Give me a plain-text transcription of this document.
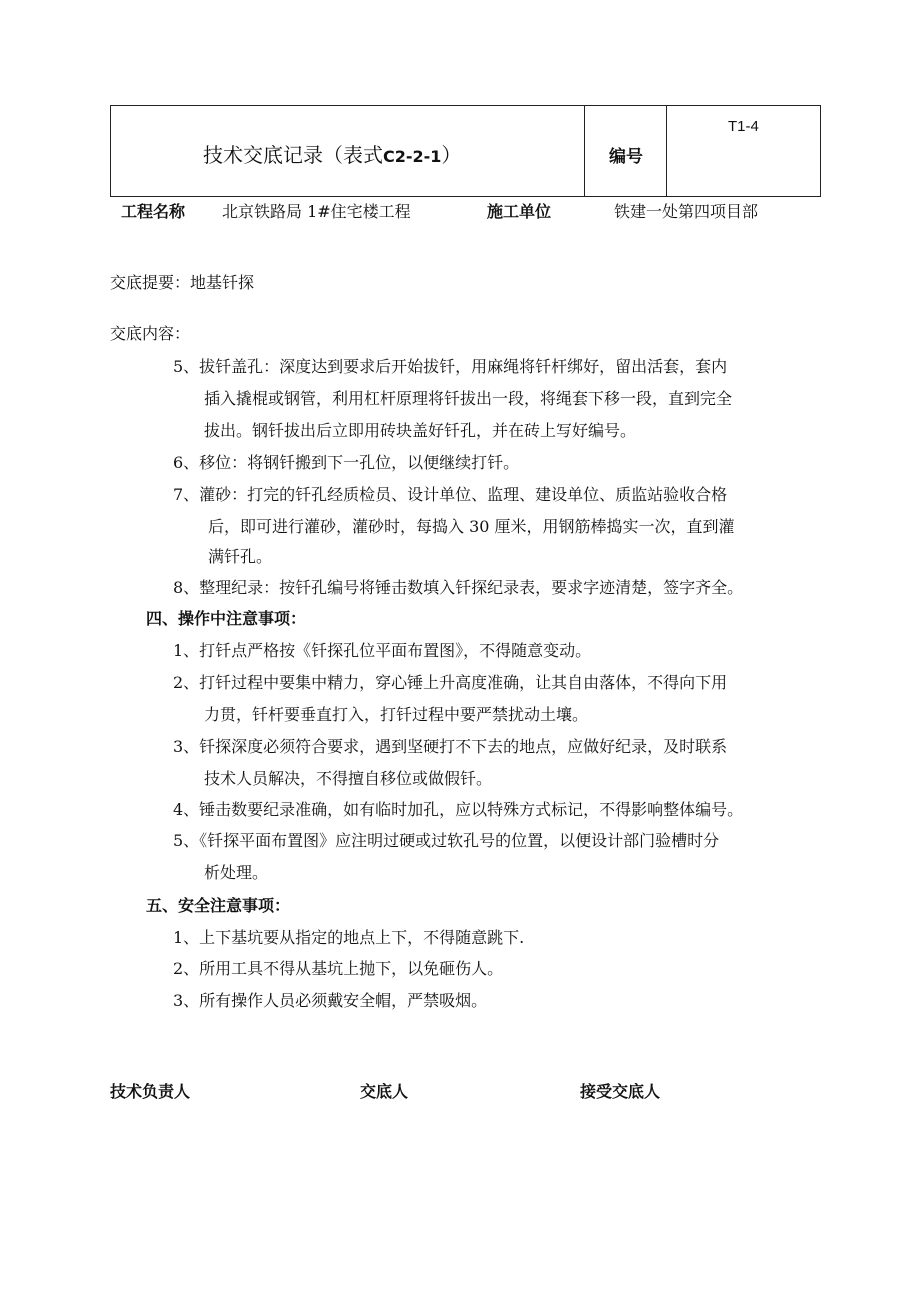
技术交底记录（表式C2-2-1）	编号
T1-4
工程名称 北京铁路局 1#住宅楼工程	施工单位	铁建一处第四项目部
交底提要：地基钎探
交底内容：
5、拔钎盖孔：深度达到要求后开始拔钎，用麻绳将钎杆绑好，留出活套，套内
插入撬棍或钢管，利用杠杆原理将钎拔出一段，将绳套下移一段，直到完全
拔出。钢钎拔出后立即用砖块盖好钎孔，并在砖上写好编号。
6、移位：将钢钎搬到下一孔位，以便继续打钎。
7、灌砂：打完的钎孔经质检员、设计单位、监理、建设单位、质监站验收合格
后，即可进行灌砂，灌砂时，每捣入 30 厘米，用钢筋棒捣实一次，直到灌
满钎孔。
8、整理纪录：按钎孔编号将锤击数填入钎探纪录表，要求字迹清楚，签字齐全。
四、操作中注意事项：
1、打钎点严格按《钎探孔位平面布置图》，不得随意变动。
2、打钎过程中要集中精力，穿心锤上升高度准确，让其自由落体，不得向下用
力贯，钎杆要垂直打入，打钎过程中要严禁扰动土壤。
3、钎探深度必须符合要求，遇到坚硬打不下去的地点，应做好纪录，及时联系
技术人员解决，不得擅自移位或做假钎。
4、锤击数要纪录准确，如有临时加孔，应以特殊方式标记，不得影响整体编号。
5、《钎探平面布置图》应注明过硬或过软孔号的位置，以便设计部门验槽时分
析处理。
五、安全注意事项：
1、上下基坑要从指定的地点上下，不得随意跳下.
2、所用工具不得从基坑上抛下，以免砸伤人。
3、所有操作人员必须戴安全帽，严禁吸烟。
技术负责人	交底人	接受交底人
